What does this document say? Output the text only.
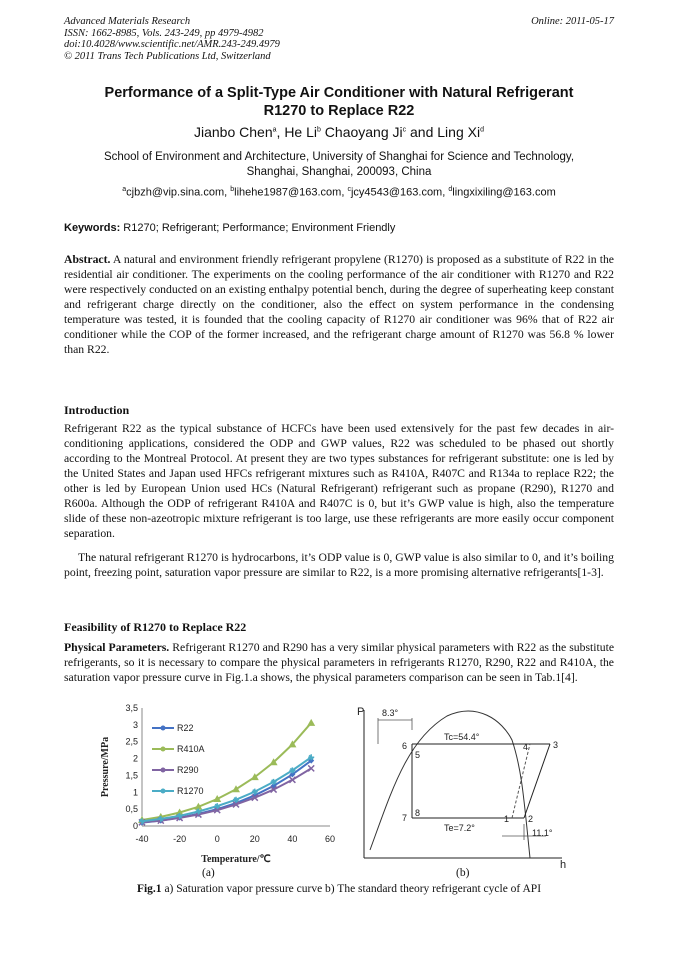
Advanced Materials Research
ISSN: 1662-8985, Vols. 243-249, pp 4979-4982
doi:10.4028/www.scientific.net/AMR.243-249.4979
© 2011 Trans Tech Publications Ltd, Switzerland
Online: 2011-05-17
Performance of a Split-Type Air Conditioner with Natural Refrigerant
R1270 to Replace R22
Jianbo Chen$^a$, He Li$^b$ Chaoyang Ji$^c$ and Ling Xi$^d$
School of Environment and Architecture, University of Shanghai for Science and Technology,
Shanghai, Shanghai, 200093, China
$^a$cjbzh@vip.sina.com, $^b$lihehe1987@163.com, $^c$jcy4543@163.com, $^d$lingxixiling@163.com
Keywords: R1270; Refrigerant; Performance; Environment Friendly
Abstract. A natural and environment friendly refrigerant propylene (R1270) is proposed as a substitute of R22 in the residential air conditioner. The experiments on the cooling performance of the air conditioner with R1270 and R22 were respectively conducted on an existing enthalpy potential bench, during the degree of superheating keep constant and refrigerant charge directly on the conditioner, also the effect on system performance in the condensing temperature was tested, it is founded that the cooling capacity of R1270 air conditioner was 96% that of R22 air conditioner while the COP of the former increased, and the refrigerant charge amount of R1270 was 56.8 % lower than R22.
Introduction
Refrigerant R22 as the typical substance of HCFCs have been used extensively for the past few decades in air-conditioning applications, considered the ODP and GWP values, R22 was scheduled to be phased out shortly according to the Montreal Protocol. At present they are two types substances for refrigerant substitute: one is led by the United States and Japan used HFCs refrigerant mixtures such as R410A, R407C and R134a to replace R22; the other is led by European Union used HCs (Natural Refrigerant) refrigerant such as propane (R290), R1270 and R600a. Although the ODP of refrigerant R410A and R407C is 0, but it’s GWP value is high, also the temperature slide of these non-azeotropic mixture refrigerant is too large, use these refrigerants are more easily occur component separation.
The natural refrigerant R1270 is hydrocarbons, it’s ODP value is 0, GWP value is also similar to 0, and it’s boiling point, freezing point, saturation vapor pressure are similar to R22, is a more promising alternative refrigerants[1-3].
Feasibility of R1270 to Replace R22
Physical Parameters. Refrigerant R1270 and R290 has a very similar physical parameters with R22 as the substitute refrigerants, so it is necessary to compare the physical parameters in refrigerants R1270, R290, R22 and R410A, the saturation vapor pressure curve in Fig.1.a shows, the physical parameters comparison can be seen in Tab.1[4].
0
0,5
1
1,5
2
2,5
3
3,5
-40	-20	0	20	40	60
Pressure/MPa
Temperature/℃
R22
R410A
R290
R1270
P
h
8.3°
Tc=54.4°
Te=7.2°	11.1°
6
5
4	3
7 8
1 2
(a)	(b)
Fig.1 a) Saturation vapor pressure curve b) The standard theory refrigerant cycle of API
